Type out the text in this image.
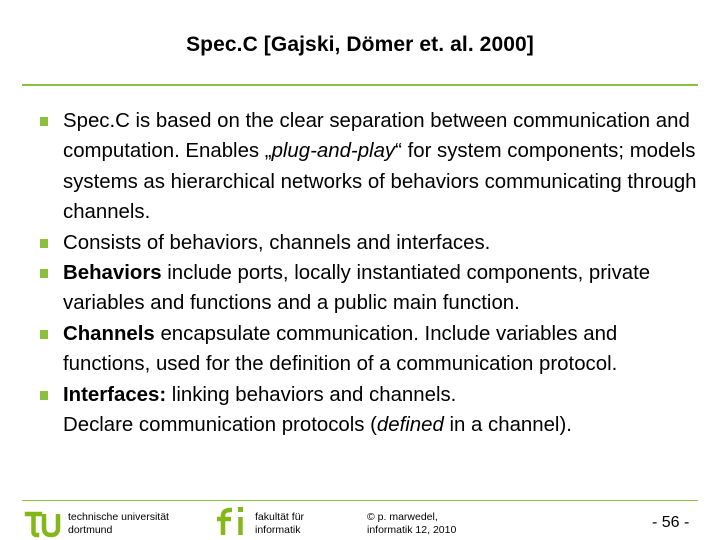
Spec.C [Gajski, Dömer et. al. 2000]
Spec.C is based on the clear separation between communication and computation. Enables „plug-and-play“ for system components; models systems as hierarchical networks of behaviors communicating through channels.
Consists of behaviors, channels and interfaces.
Behaviors include ports, locally instantiated components, private variables and functions and a public main function.
Channels encapsulate communication. Include variables and functions, used for the definition of a communication protocol.
Interfaces: linking behaviors and channels.
Declare communication protocols (defined in a channel).
technische universität
dortmund
fakultät für
informatik
© p. marwedel,
informatik 12, 2010	- 56 -
